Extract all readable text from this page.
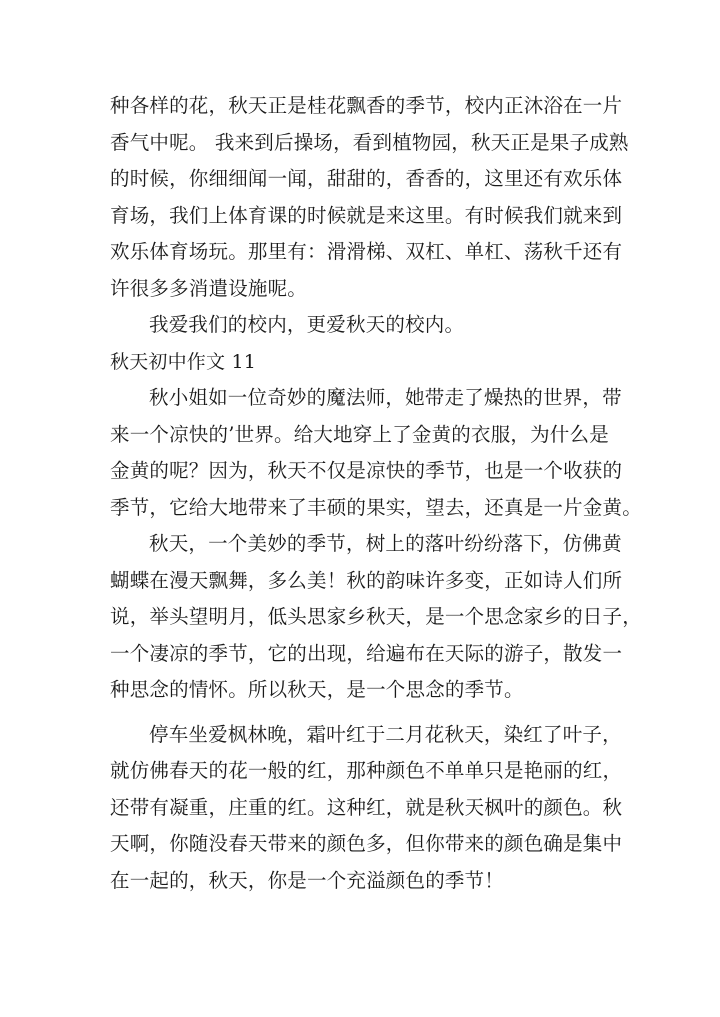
种各样的花，秋天正是桂花飘香的季节，校内正沐浴在一片
香气中呢。 我来到后操场，看到植物园，秋天正是果子成熟
的时候，你细细闻一闻，甜甜的，香香的，这里还有欢乐体
育场，我们上体育课的时候就是来这里。有时候我们就来到
欢乐体育场玩。那里有：滑滑梯、双杠、单杠、荡秋千还有
许很多多消遣设施呢。
我爱我们的校内，更爱秋天的校内。
秋天初中作文 11
秋小姐如一位奇妙的魔法师，她带走了燥热的世界，带
来一个凉快的’世界。给大地穿上了金黄的衣服，为什么是
金黄的呢？因为，秋天不仅是凉快的季节，也是一个收获的
季节，它给大地带来了丰硕的果实，望去，还真是一片金黄。
秋天，一个美妙的季节，树上的落叶纷纷落下，仿佛黄
蝴蝶在漫天飘舞，多么美！秋的韵味许多变，正如诗人们所
说，举头望明月，低头思家乡秋天，是一个思念家乡的日子，
一个凄凉的季节，它的出现，给遍布在天际的游子，散发一
种思念的情怀。所以秋天，是一个思念的季节。
停车坐爱枫林晚，霜叶红于二月花秋天，染红了叶子，
就仿佛春天的花一般的红，那种颜色不单单只是艳丽的红，
还带有凝重，庄重的红。这种红，就是秋天枫叶的颜色。秋
天啊，你随没春天带来的颜色多，但你带来的颜色确是集中
在一起的，秋天，你是一个充溢颜色的季节！
